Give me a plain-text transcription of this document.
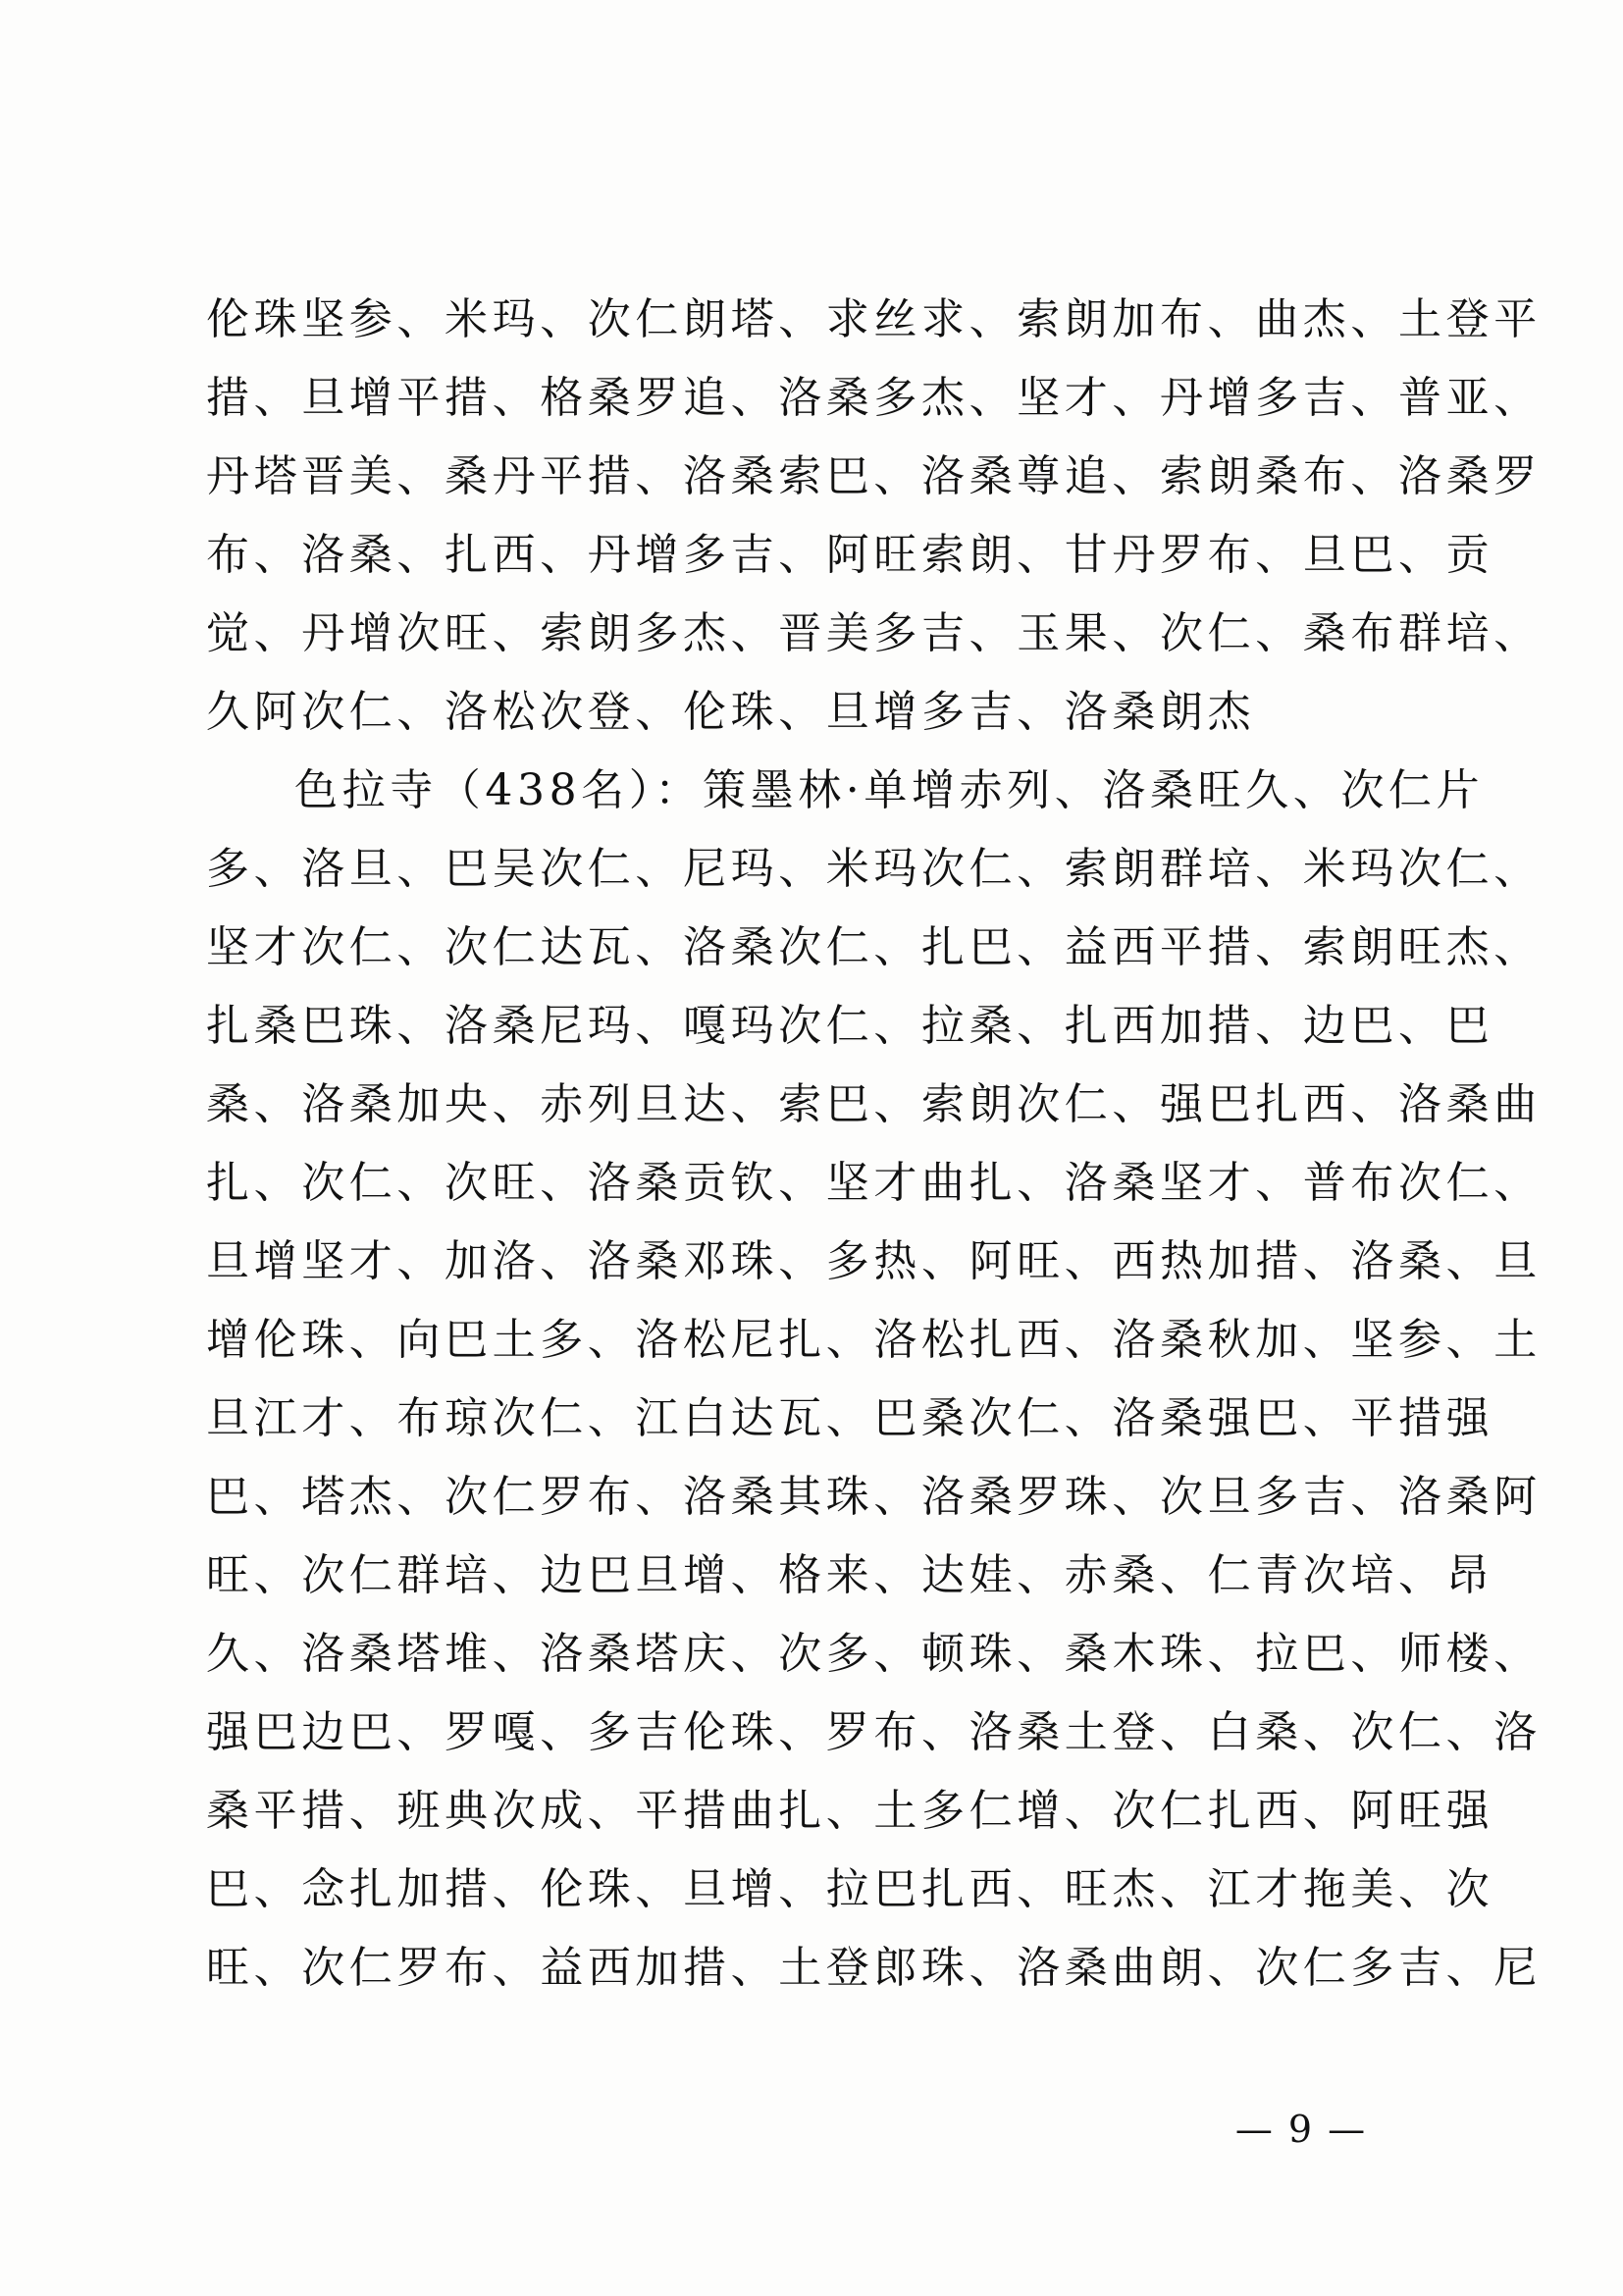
伦珠坚参、米玛、次仁朗塔、求丝求、索朗加布、曲杰、土登平
措、旦增平措、格桑罗追、洛桑多杰、坚才、丹增多吉、普亚、
丹塔晋美、桑丹平措、洛桑索巴、洛桑尊追、索朗桑布、洛桑罗
布、洛桑、扎西、丹增多吉、阿旺索朗、甘丹罗布、旦巴、贡
觉、丹增次旺、索朗多杰、晋美多吉、玉果、次仁、桑布群培、
久阿次仁、洛松次登、伦珠、旦增多吉、洛桑朗杰
色拉寺（438名）：策墨林·单增赤列、洛桑旺久、次仁片
多、洛旦、巴吴次仁、尼玛、米玛次仁、索朗群培、米玛次仁、
坚才次仁、次仁达瓦、洛桑次仁、扎巴、益西平措、索朗旺杰、
扎桑巴珠、洛桑尼玛、嘎玛次仁、拉桑、扎西加措、边巴、巴
桑、洛桑加央、赤列旦达、索巴、索朗次仁、强巴扎西、洛桑曲
扎、次仁、次旺、洛桑贡钦、坚才曲扎、洛桑坚才、普布次仁、
旦增坚才、加洛、洛桑邓珠、多热、阿旺、西热加措、洛桑、旦
增伦珠、向巴土多、洛松尼扎、洛松扎西、洛桑秋加、坚参、土
旦江才、布琼次仁、江白达瓦、巴桑次仁、洛桑强巴、平措强
巴、塔杰、次仁罗布、洛桑其珠、洛桑罗珠、次旦多吉、洛桑阿
旺、次仁群培、边巴旦增、格来、达娃、赤桑、仁青次培、昂
久、洛桑塔堆、洛桑塔庆、次多、顿珠、桑木珠、拉巴、师楼、
强巴边巴、罗嘎、多吉伦珠、罗布、洛桑土登、白桑、次仁、洛
桑平措、班典次成、平措曲扎、土多仁增、次仁扎西、阿旺强
巴、念扎加措、伦珠、旦增、拉巴扎西、旺杰、江才拖美、次
旺、次仁罗布、益西加措、土登郎珠、洛桑曲朗、次仁多吉、尼
— 9 —
